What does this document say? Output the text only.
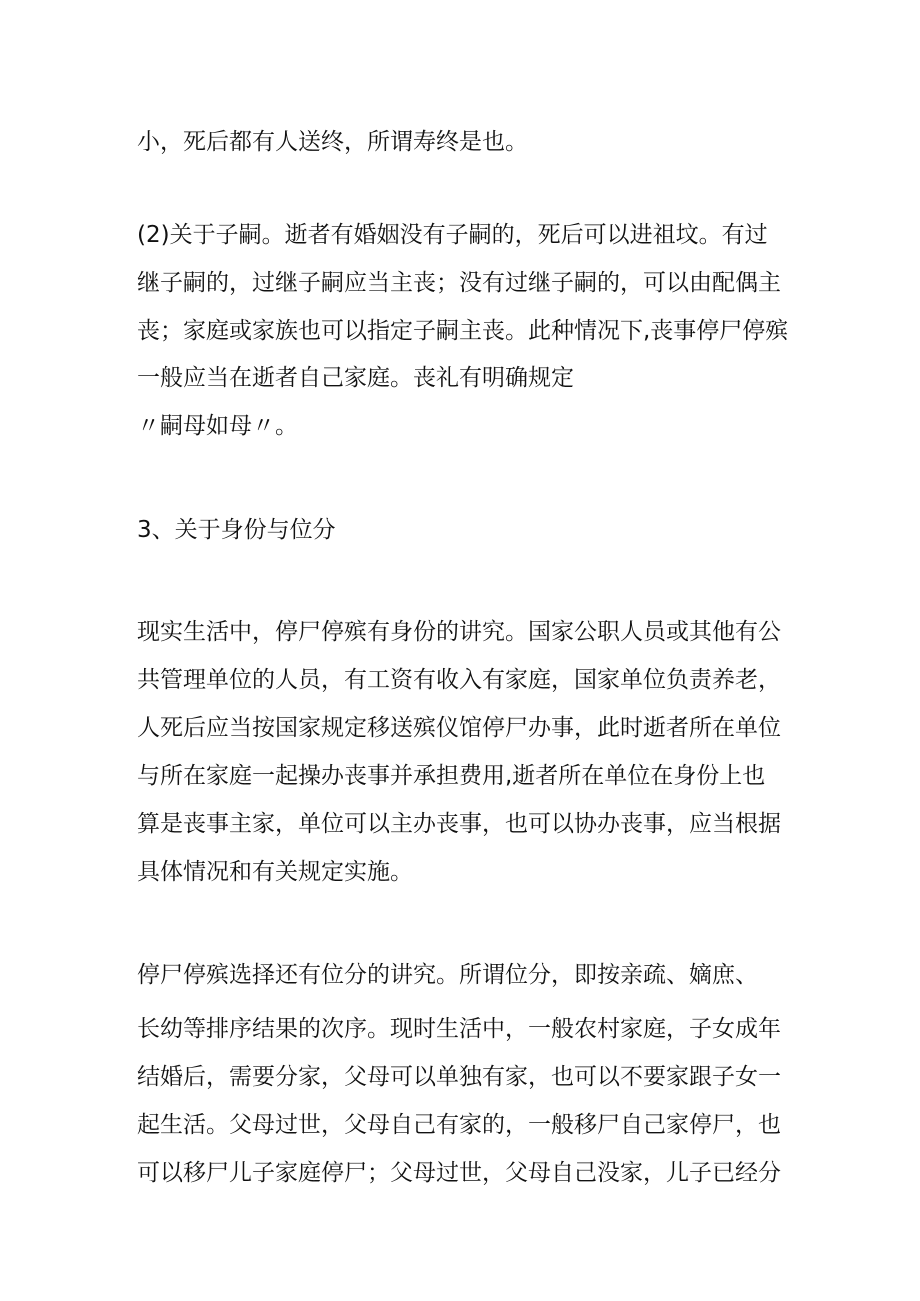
小，死后都有人送终，所谓寿终是也。
(2)关于子嗣。逝者有婚姻没有子嗣的，死后可以进祖坟。有过
继子嗣的，过继子嗣应当主丧；没有过继子嗣的，可以由配偶主
丧；家庭或家族也可以指定子嗣主丧。此种情况下,丧事停尸停殡
一般应当在逝者自己家庭。丧礼有明确规定
〃嗣母如母〃。
3、关于身份与位分
现实生活中，停尸停殡有身份的讲究。国家公职人员或其他有公
共管理单位的人员，有工资有收入有家庭，国家单位负责养老，
人死后应当按国家规定移送殡仪馆停尸办事，此时逝者所在单位
与所在家庭一起操办丧事并承担费用,逝者所在单位在身份上也
算是丧事主家，单位可以主办丧事，也可以协办丧事，应当根据
具体情况和有关规定实施。
停尸停殡选择还有位分的讲究。所谓位分，即按亲疏、嫡庶、
长幼等排序结果的次序。现时生活中，一般农村家庭，子女成年
结婚后，需要分家，父母可以单独有家，也可以不要家跟子女一
起生活。父母过世，父母自己有家的，一般移尸自己家停尸，也
可以移尸儿子家庭停尸；父母过世，父母自己没家，儿子已经分
